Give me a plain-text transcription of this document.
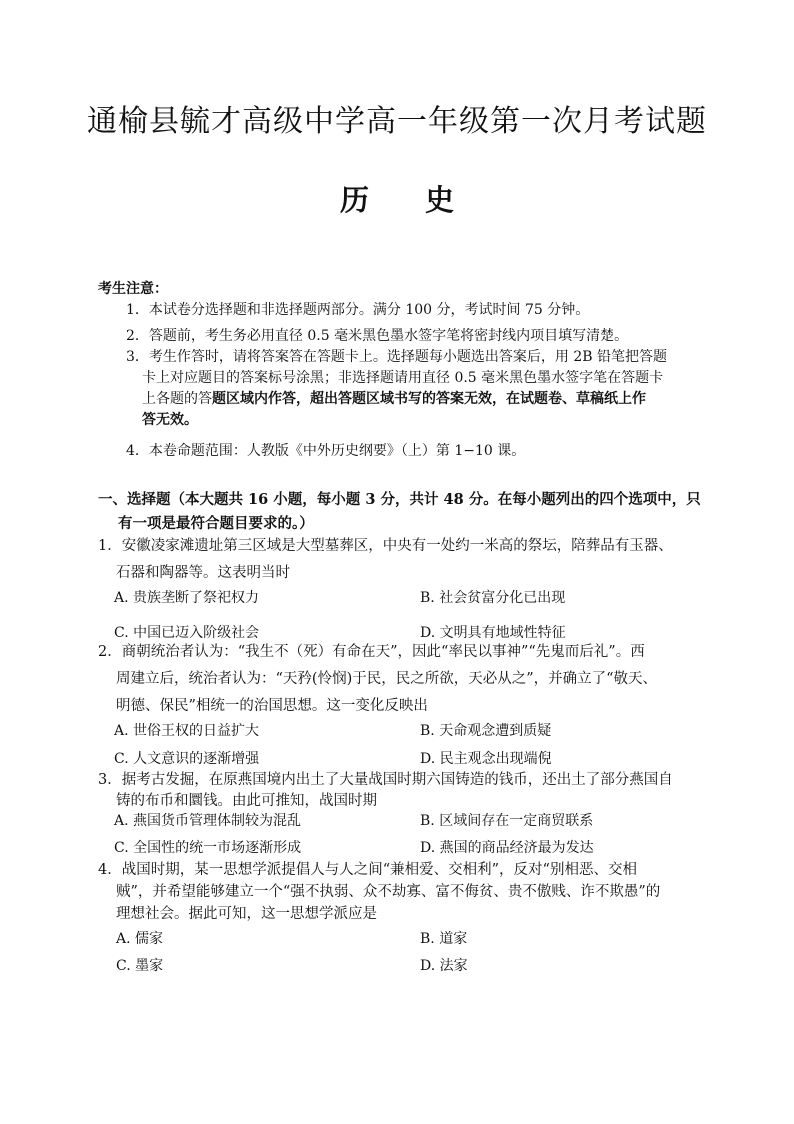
通榆县毓才高级中学高一年级第一次月考试题
历史
考生注意：
1．本试卷分选择题和非选择题两部分。满分 100 分，考试时间 75 分钟。
2．答题前，考生务必用直径 0.5 毫米黑色墨水签字笔将密封线内项目填写清楚。
3．考生作答时，请将答案答在答题卡上。选择题每小题选出答案后，用 2B 铅笔把答题
卡上对应题目的答案标号涂黑；非选择题请用直径 0.5 毫米黑色墨水签字笔在答题卡
上各题的答题区域内作答，超出答题区域书写的答案无效，在试题卷、草稿纸上作
答无效。
4．本卷命题范围：人教版《中外历史纲要》（上）第 1−10 课。
一、选择题（本大题共 16 小题，每小题 3 分，共计 48 分。在每小题列出的四个选项中，只
有一项是最符合题目要求的。）
1．安徽凌家滩遗址第三区域是大型墓葬区，中央有一处约一米高的祭坛，陪葬品有玉器、
石器和陶器等。这表明当时
A. 贵族垄断了祭祀权力	B. 社会贫富分化已出现
C. 中国已迈入阶级社会	D. 文明具有地域性特征
2．商朝统治者认为：“我生不（死）有命在天”，因此“率民以事神”“先鬼而后礼”。西
周建立后，统治者认为：“天矜(怜悯)于民，民之所欲，天必从之”，并确立了“敬天、
明德、保民”相统一的治国思想。这一变化反映出
A. 世俗王权的日益扩大	B. 天命观念遭到质疑
C. 人文意识的逐渐增强	D. 民主观念出现端倪
3．据考古发掘，在原燕国境内出土了大量战国时期六国铸造的钱币，还出土了部分燕国自
铸的布币和圜钱。由此可推知，战国时期
A. 燕国货币管理体制较为混乱	B. 区域间存在一定商贸联系
C. 全国性的统一市场逐渐形成	D. 燕国的商品经济最为发达
4．战国时期，某一思想学派提倡人与人之间“兼相爱、交相利”，反对“别相恶、交相
贼”，并希望能够建立一个“强不执弱、众不劫寡、富不侮贫、贵不傲贱、诈不欺愚”的
理想社会。据此可知，这一思想学派应是
A. 儒家	B. 道家
C. 墨家	D. 法家
